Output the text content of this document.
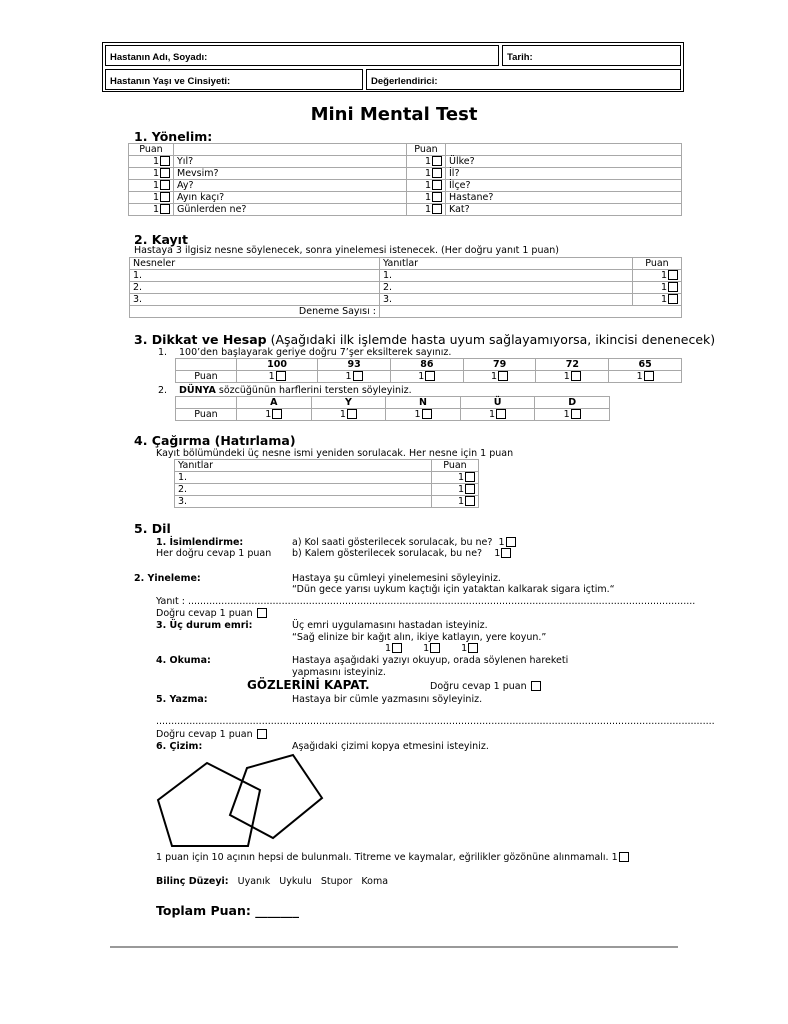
Hastanın Adı, Soyadı:	Tarih:
Hastanın Yaşı ve Cinsiyeti:	Değerlendirici:
Mini Mental Test
1. Yönelim:
Puan		Puan	
1	Yıl?	1	Ülke?
1	Mevsim?	1	İl?
1	Ay?	1	İlçe?
1	Ayın kaçı?	1	Hastane?
1	Günlerden ne?	1	Kat?
2. Kayıt
Hastaya 3 ilgisiz nesne söylenecek, sonra yinelemesi istenecek. (Her doğru yanıt 1 puan)
Nesneler	Yanıtlar	Puan
1.	1.	1
2.	2.	1
3.	3.	1
Deneme Sayısı :		
3. Dikkat ve Hesap (Aşağıdaki ilk işlemde hasta uyum sağlayamıyorsa, ikincisi denenecek)
1. 100’den başlayarak geriye doğru 7’şer eksilterek sayınız.
	100	93	86	79	72	65
Puan	1	1	1	1	1	1
2. DÜNYA sözcüğünün harflerini tersten söyleyiniz.
	A	Y	N	Ü	D
Puan	1	1	1	1	1
4. Çağırma (Hatırlama)
Kayıt bölümündeki üç nesne ismi yeniden sorulacak. Her nesne için 1 puan
Yanıtlar	Puan
1.	1
2.	1
3.	1
5. Dil
1. İsimlendirme:
Her doğru cevap 1 puan
a) Kol saati gösterilecek sorulacak, bu ne? 1
b) Kalem gösterilecek sorulacak, bu ne? 1
2. Yineleme:	Hastaya şu cümleyi yinelemesini söyleyiniz.
“Dün gece yarısı uykum kaçtığı için yataktan kalkarak sigara içtim.“
Yanıt : ........................................................................................................................................................................
Doğru cevap 1 puan
3. Üç durum emri:	Üç emri uygulamasını hastadan isteyiniz.
“Sağ elinize bir kağıt alın, ikiye katlayın, yere koyun.”
1	1	1
4. Okuma:	Hastaya aşağıdaki yazıyı okuyup, orada söylenen hareketi
yapmasını isteyiniz.
GÖZLERİNİ KAPAT.	Doğru cevap 1 puan
5. Yazma:	Hastaya bir cümle yazmasını söyleyiniz.
.........................................................................................................................................................................................
Doğru cevap 1 puan
6. Çizim:	Aşağıdaki çizimi kopya etmesini isteyiniz.
1 puan için 10 açının hepsi de bulunmalı. Titreme ve kaymalar, eğrilikler gözönüne alınmamalı. 1
Bilinç Düzeyi: Uyanık Uykulu Stupor Koma
Toplam Puan: _______
